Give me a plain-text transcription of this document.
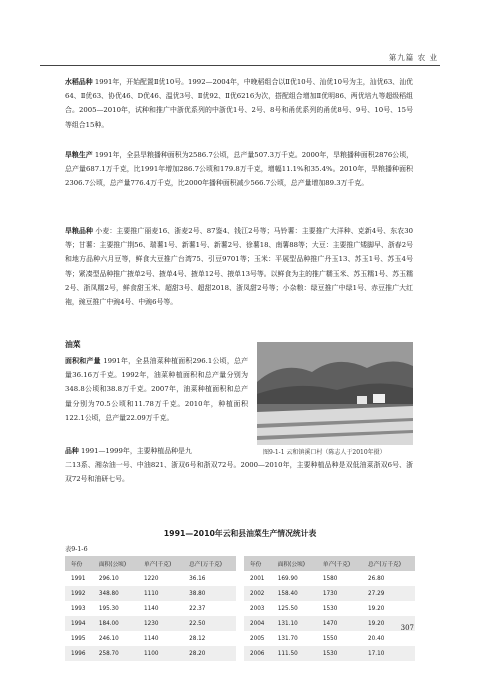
第九篇 农 业

水稻品种 1991年，开始配置Ⅱ优10号。1992—2004年，中晚稻组合以Ⅱ优10号、汕优10号为主，汕优63、汕优64、Ⅱ优63、协优46、D优46、温优3号、Ⅱ优92、Ⅱ优6216为次，搭配组合增加Ⅱ优明86、两优培九等超级稻组合。2005—2010年，试种和推广中浙优系列的中浙优1号、2号、8号和甬优系列的甬优8号、9号、10号、15号等组合15种。

旱粮生产 1991年，全县旱粮播种面积为2586.7公顷，总产量507.3万千克。2000年，旱粮播种面积2876公顷，总产量687.1万千克，比1991年增加286.7公顷和179.8万千克，增幅11.1%和35.4%。2010年，旱粮播种面积2306.7公顷，总产量776.4万千克，比2000年播种面积减少566.7公顷，总产量增加89.3万千克。

旱粮品种 小麦：主要推广丽麦16、浙麦2号、87鉴4、钱江2号等；马铃薯：主要推广大洋种、克新4号、东农30等；甘薯：主要推广荆56、瑞薯1号、新薯1号、新薯2号、徐薯18、南薯88等；大豆：主要推广矮脚早、浙春2号和地方品种六月豆等，鲜食大豆推广台湾75、引豆9701等；玉米：平展型品种推广丹玉13、苏玉1号、苏玉4号等；紧凑型品种推广掖单2号、掖单4号、掖单12号、掖单13号等。以鲜食为主的推广糯玉米、苏玉糯1号、苏玉糯2号、浙凤糯2号，鲜食甜玉米、超甜3号、超甜2018、浙凤甜2号等；小杂粮：绿豆推广中绿1号、赤豆推广大红袍，豌豆推广中豌4号、中豌6号等。

油菜

面积和产量 1991年，全县油菜种植面积296.1公顷，总产量36.16万千克。1992年，油菜种植面积和总产量分别为348.8公顷和38.8万千克。2007年，油菜种植面积和总产量分别为70.5公顷和11.78万千克。2010年，种植面积122.1公顷，总产量22.09万千克。

品种 1991—1999年，主要种植品种是九

二13系、湘杂油一号、中油821、浙双6号和浙双72号。2000—2010年，主要种植品种是双低油菜浙双6号、浙双72号和油研七号。

图9-1-1 云和镇溪口村（陈志人于2010年摄）
1991—2010年云和县油菜生产情况统计表
表9-1-6
年份	面积(公顷)	单产(千克)	总产(万千克)		年份	面积(公顷)	单产(千克)	总产(万千克)
1991	296.10	1220	36.16		2001	169.90	1580	26.80
1992	348.80	1110	38.80		2002	158.40	1730	27.29
1993	195.30	1140	22.37		2003	125.50	1530	19.20
1994	184.00	1230	22.50		2004	131.10	1470	19.20
1995	246.10	1140	28.12		2005	131.70	1550	20.40
1996	258.70	1100	28.20		2006	111.50	1530	17.10
307
